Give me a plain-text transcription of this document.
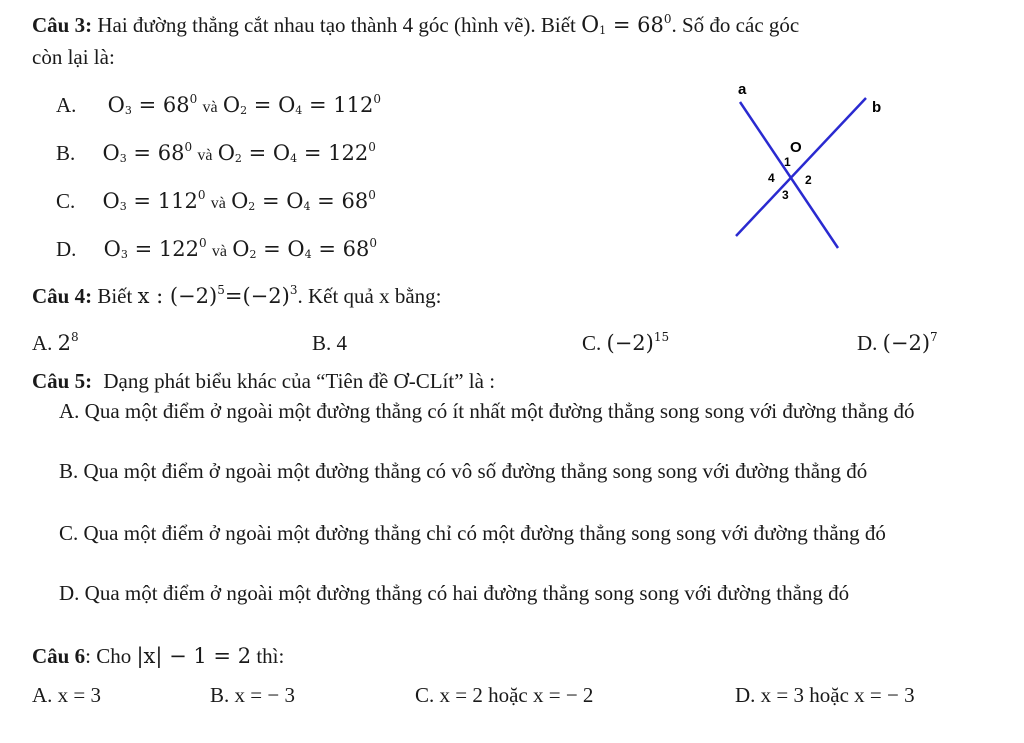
Câu 3: Hai đường thẳng cắt nhau tạo thành 4 góc (hình vẽ). Biết $O_1 = 68^0$. Số đo các góc
còn lại là:
A. $O_3 = 68^0$ và $O_2 = O_4 = 112^0$
B. $O_3 = 68^0$ và $O_2 = O_4 = 122^0$
C. $O_3 = 112^0$ và $O_2 = O_4 = 68^0$
D. $O_3 = 122^0$ và $O_2 = O_4 = 68^0$
a
b
O
1
2
3
4
Câu 4: Biết x : $(-2)^5=(-2)^3$. Kết quả x bằng:
A. $2^8$	B. 4	C. $(-2)^{15}$	D. $(-2)^7$
Câu 5: Dạng phát biểu khác của “Tiên đề Ơ-CLít” là :
A. Qua một điểm ở ngoài một đường thẳng có ít nhất một đường thẳng song song với đường thẳng đó
B. Qua một điểm ở ngoài một đường thẳng có vô số đường thẳng song song với đường thẳng đó
C. Qua một điểm ở ngoài một đường thẳng chỉ có một đường thẳng song song với đường thẳng đó
D. Qua một điểm ở ngoài một đường thẳng có hai đường thẳng song song với đường thẳng đó
Câu 6: Cho |x| − 1 = 2 thì:
A. x = 3	B. x = − 3	C. x = 2 hoặc x = − 2	D. x = 3 hoặc x = − 3
